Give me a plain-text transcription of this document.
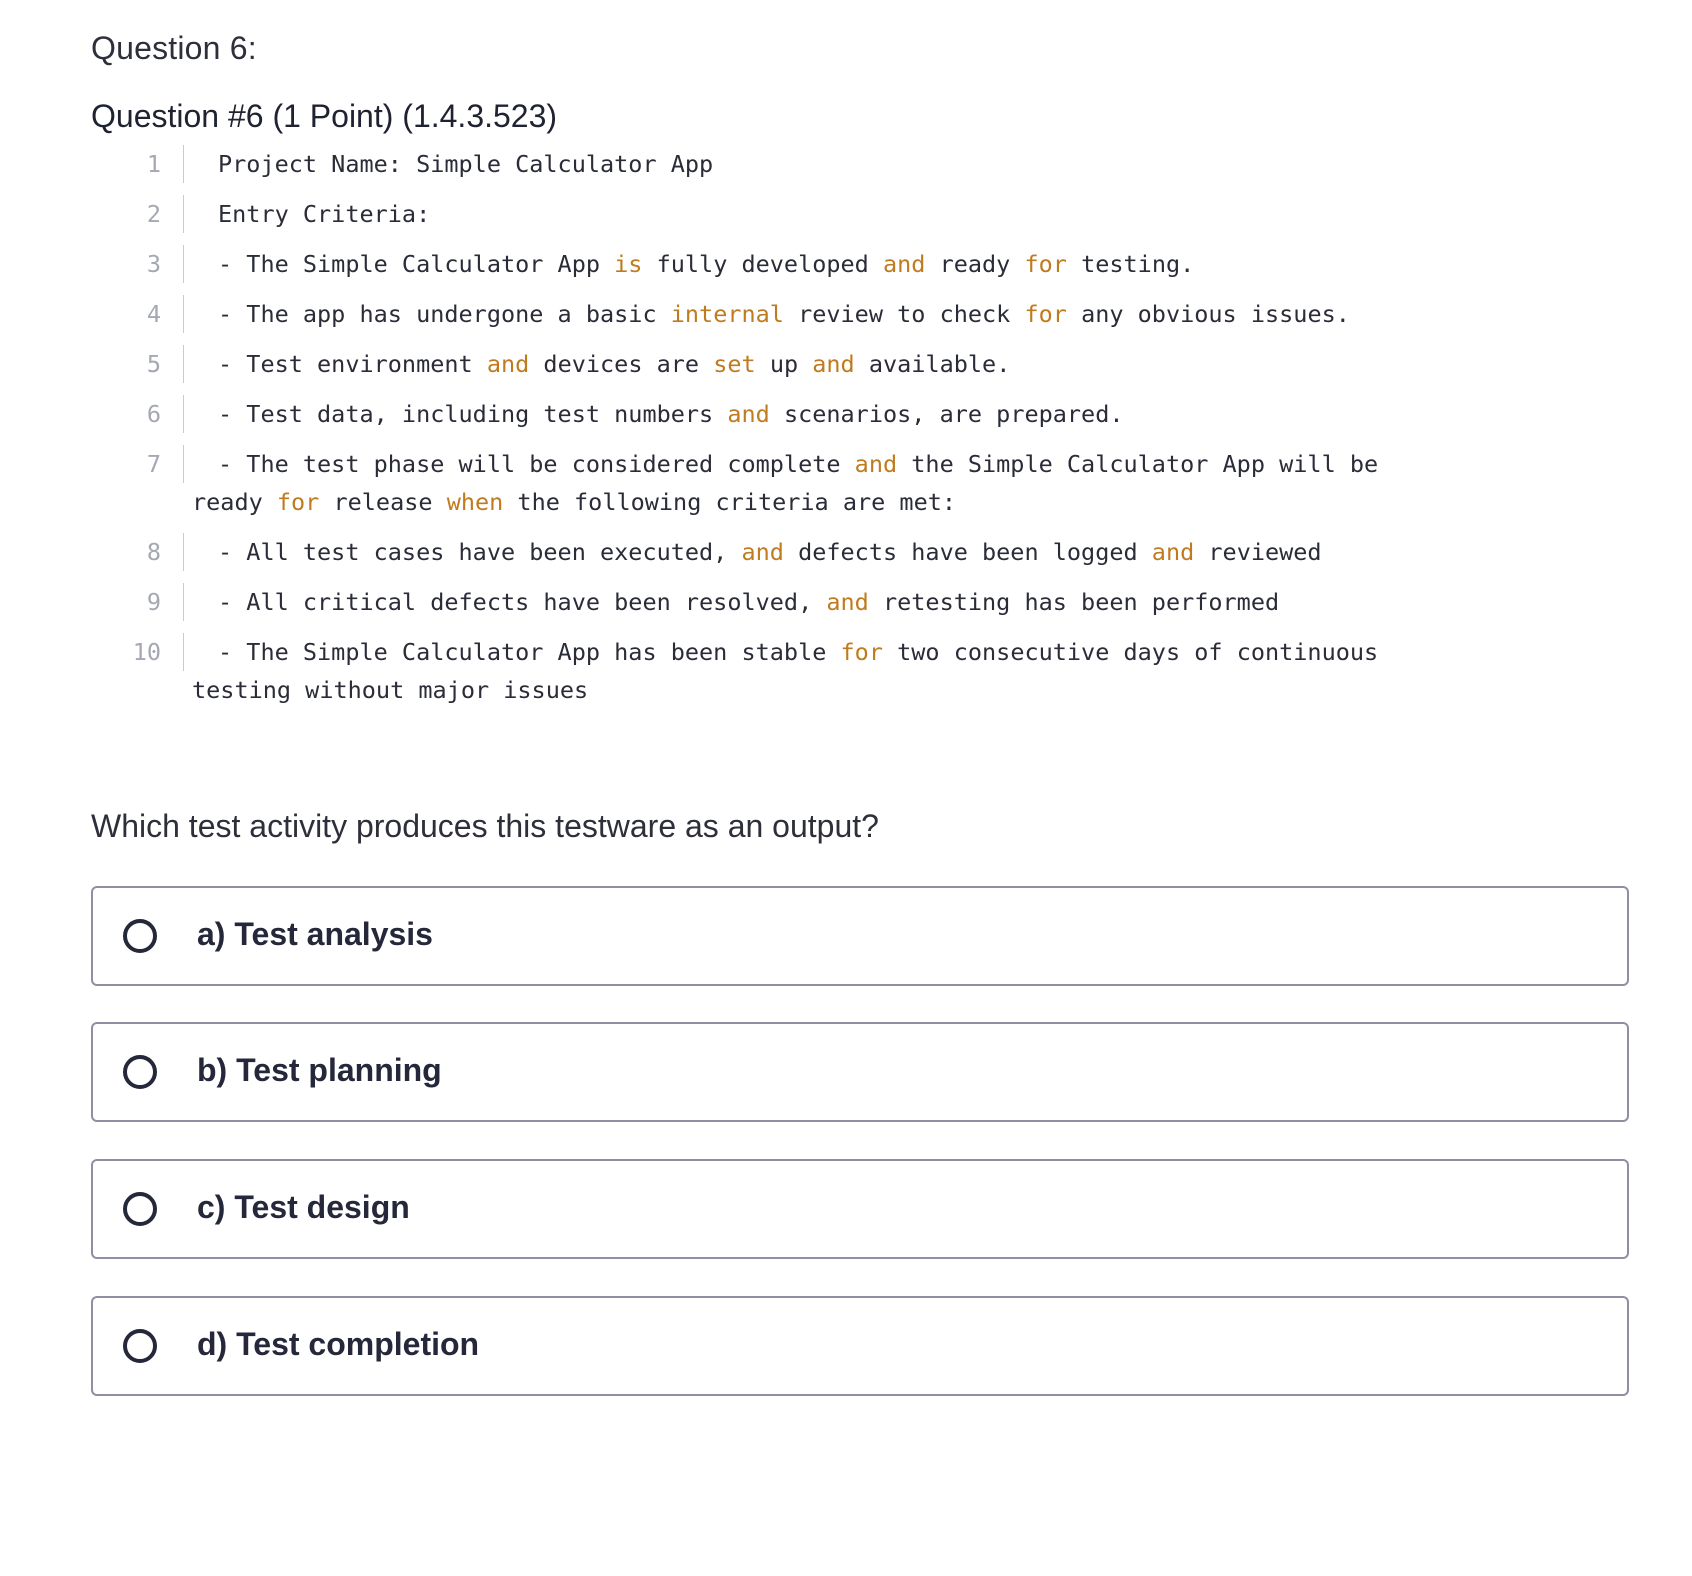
Question 6:
Question #6 (1 Point) (1.4.3.523)
1	Project Name: Simple Calculator App
2	Entry Criteria:
3	- The Simple Calculator App is fully developed and ready for testing.
4	- The app has undergone a basic internal review to check for any obvious issues.
5	- Test environment and devices are set up and available.
6	- Test data, including test numbers and scenarios, are prepared.
7	- The test phase will be considered complete and the Simple Calculator App will be ready for release when the following criteria are met:
8	- All test cases have been executed, and defects have been logged and reviewed
9	- All critical defects have been resolved, and retesting has been performed
10	- The Simple Calculator App has been stable for two consecutive days of continuous testing without major issues
Which test activity produces this testware as an output?
a) Test analysis
b) Test planning
c) Test design
d) Test completion
